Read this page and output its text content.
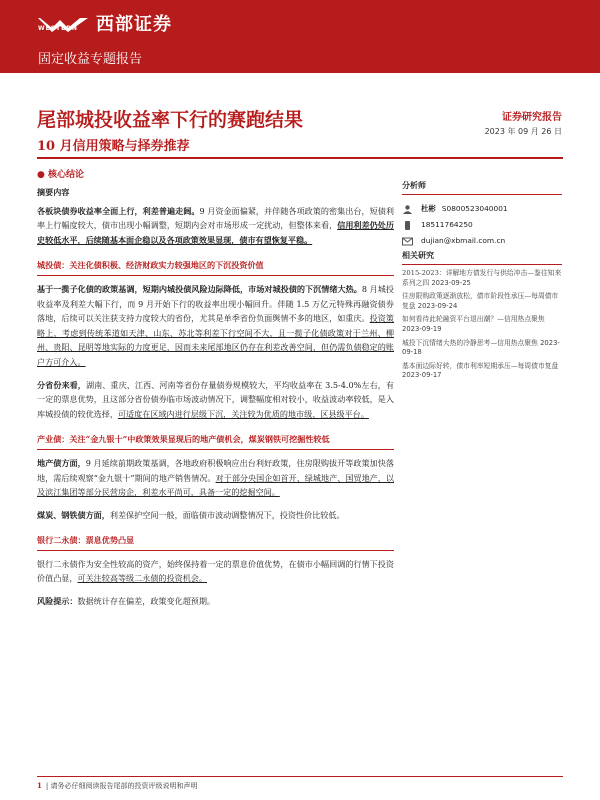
WESTERN 西部证券
固定收益专题报告
尾部城投收益率下行的赛跑结果
10 月信用策略与择券推荐
证券研究报告
2023 年 09 月 26 日
● 核心结论

摘要内容

各板块债券收益率全面上行，利差普遍走阔。9 月资金面偏紧，并伴随各项政策的密集出台，短债利率上行幅度较大，债市出现小幅调整，短期内会对市场形成一定扰动，但整体来看，信用利差仍处历史较低水平，后续随基本面企稳以及各项政策效果显现，债市有望恢复平稳。

城投债：关注化债积极、经济财政实力较强地区的下沉投资价值

基于一揽子化债的政策基调，短期内城投债风险边际降低，市场对城投债的下沉情绪大热。8 月城投收益率及利差大幅下行，而 9 月开始下行的收益率出现小幅回升。伴随 1.5 万亿元特殊再融资债券落地，后续可以关注获支持力度较大的省份，尤其是单季省份负面舆情不多的地区，如重庆。投资策略上，考虑到传统苯道如天津、山东、苏北等利差下行空间不大，且一揽子化债政策对于兰州、柳州、贵阳、昆明等地实际的力度更足，因而未来尾部地区仍存在利差改善空间，但仍需负债稳定的账户方可介入。

分省份来看，湖南、重庆、江西、河南等省份存量债券规模较大，平均收益率在 3.5-4.0%左右，有一定的票息优势，且这部分省份债券临市场波动情况下，调整幅度相对较小，收益波动率较低，是入库城投债的较优选择，可适度在区域内进行层级下沉，关注较为优质的地市级、区县级平台。

产业债：关注“金九银十”中政策效果显现后的地产债机会，煤炭钢铁可挖掘性较低

地产债方面，9 月延续前期政策基调，各地政府积极响应出台利好政策，住房限购拔开等政策加快落地，需后续观察“金九银十”期间的地产销售情况。对于部分央国企如首开、绿城地产、国贸地产，以及滨江集团等部分民营房企，利差水平尚可，具备一定的挖掘空间。

煤炭、钢铁债方面，利差保护空间一般，面临债市波动调整情况下，投资性价比较低。

银行二永债：票息优势凸显

银行二永债作为安全性较高的资产，始终保持着一定的票息价值优势，在债市小幅回调的行情下投资价值凸显，可关注较高等级二永债的投资机会。

风险提示：数据统计存在偏差，政策变化超预期。

分析师
杜彬 S0800523040001
18511764250
dujian@xbmail.com.cn
相关研究
2015-2023：详解地方债发行与供给冲击—鉴往知来系列之四 2023-09-25
住房限购政策逐渐放松，债市阶段性承压—每周债市复盘 2023-09-24
如何看待此轮融资平台退出潮？—信用热点聚焦 2023-09-19
城投下沉情绪大热的冷静思考—信用热点聚焦 2023-09-18
基本面边际好转，债市利率短期承压—每周债市复盘 2023-09-17
1 | 请务必仔细阅读报告尾部的投资评级说明和声明
